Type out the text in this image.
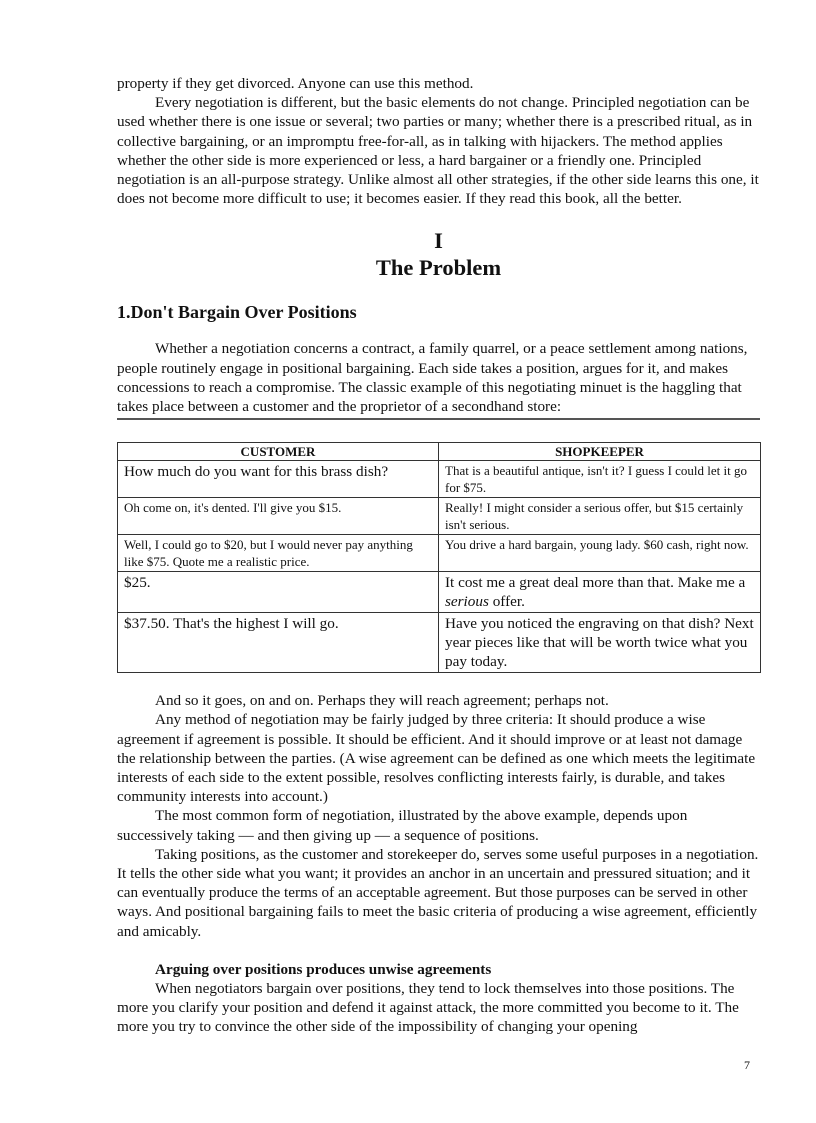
property if they get divorced. Anyone can use this method.

Every negotiation is different, but the basic elements do not change. Principled negotiation can be used whether there is one issue or several; two parties or many; whether there is a prescribed ritual, as in collective bargaining, or an impromptu free-for-all, as in talking with hijackers. The method applies whether the other side is more experienced or less, a hard bargainer or a friendly one. Principled negotiation is an all-purpose strategy. Unlike almost all other strategies, if the other side learns this one, it does not become more difficult to use; it becomes easier. If they read this book, all the better.

I
The Problem
1.Don't Bargain Over Positions

Whether a negotiation concerns a contract, a family quarrel, or a peace settlement among nations, people routinely engage in positional bargaining. Each side takes a position, argues for it, and makes concessions to reach a compromise. The classic example of this negotiating minuet is the haggling that takes place between a customer and the proprietor of a secondhand store:

CUSTOMER	SHOPKEEPER
How much do you want for this brass dish?	That is a beautiful antique, isn't it? I guess I could let it go for $75.
Oh come on, it's dented. I'll give you $15.	Really! I might consider a serious offer, but $15 certainly isn't serious.
Well, I could go to $20, but I would never pay anything like $75. Quote me a realistic price.	You drive a hard bargain, young lady. $60 cash, right now.
$25.	It cost me a great deal more than that. Make me a serious offer.
$37.50. That's the highest I will go.	Have you noticed the engraving on that dish? Next year pieces like that will be worth twice what you pay today.

And so it goes, on and on. Perhaps they will reach agreement; perhaps not.

Any method of negotiation may be fairly judged by three criteria: It should produce a wise agreement if agreement is possible. It should be efficient. And it should improve or at least not damage the relationship between the parties. (A wise agreement can be defined as one which meets the legitimate interests of each side to the extent possible, resolves conflicting interests fairly, is durable, and takes community interests into account.)

The most common form of negotiation, illustrated by the above example, depends upon successively taking — and then giving up — a sequence of positions.

Taking positions, as the customer and storekeeper do, serves some useful purposes in a negotiation. It tells the other side what you want; it provides an anchor in an uncertain and pressured situation; and it can eventually produce the terms of an acceptable agreement. But those purposes can be served in other ways. And positional bargaining fails to meet the basic criteria of producing a wise agreement, efficiently and amicably.

Arguing over positions produces unwise agreements

When negotiators bargain over positions, they tend to lock themselves into those positions. The more you clarify your position and defend it against attack, the more committed you become to it. The more you try to convince the other side of the impossibility of changing your opening

7
